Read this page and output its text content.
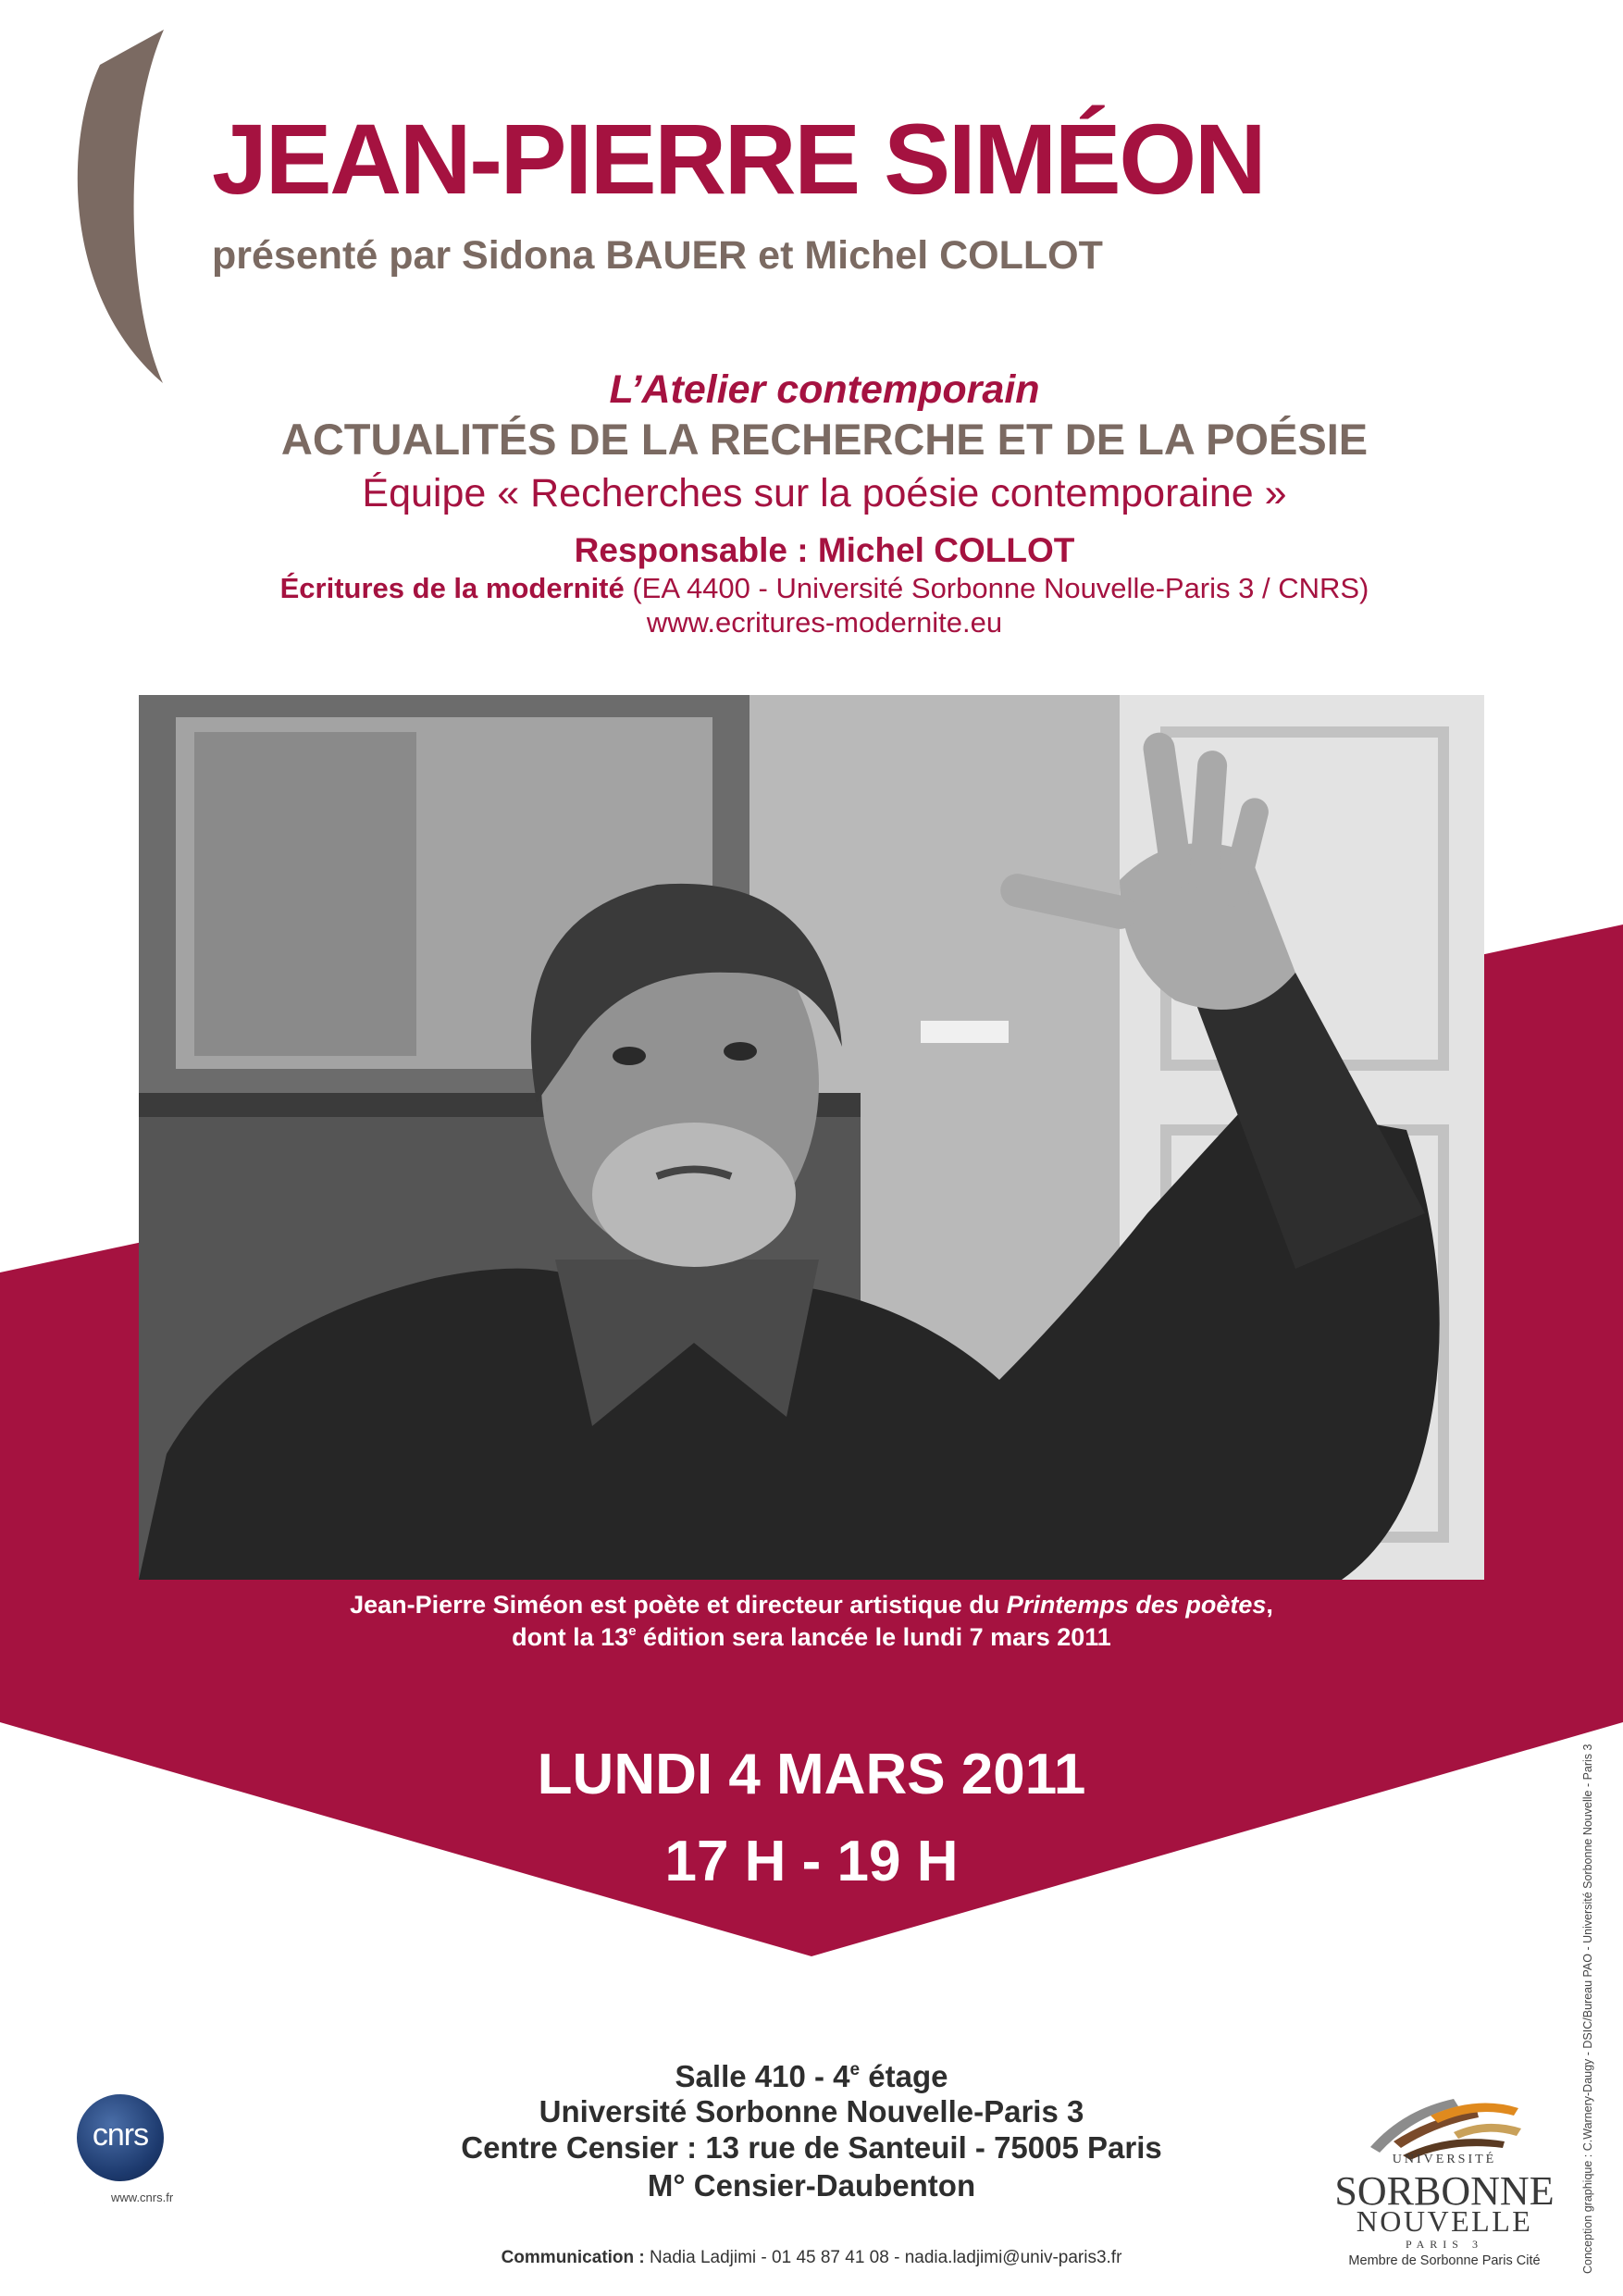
JEAN-PIERRE SIMÉON
présenté par Sidona BAUER et Michel COLLOT
L’Atelier contemporain
ACTUALITÉS DE LA RECHERCHE ET DE LA POÉSIE
Équipe « Recherches sur la poésie contemporaine »
Responsable : Michel COLLOT
Écritures de la modernité (EA 4400 - Université Sorbonne Nouvelle-Paris 3 / CNRS)
www.ecritures-modernite.eu
Jean-Pierre Siméon est poète et directeur artistique du Printemps des poètes,
dont la 13e édition sera lancée le lundi 7 mars 2011
LUNDI 4 MARS 2011
17 H - 19 H
Salle 410 - 4e étage
Université Sorbonne Nouvelle-Paris 3
Centre Censier : 13 rue de Santeuil - 75005 Paris
M° Censier-Daubenton
Communication : Nadia Ladjimi - 01 45 87 41 08 - nadia.ladjimi@univ-paris3.fr
cnrs
www.cnrs.fr
UNIVERSITÉ
SORBONNE
NOUVELLE
PARIS 3
Membre de Sorbonne Paris Cité	Conception graphique : C.Warnery-Daugy - DSIC/Bureau PAO - Université Sorbonne Nouvelle - Paris 3
